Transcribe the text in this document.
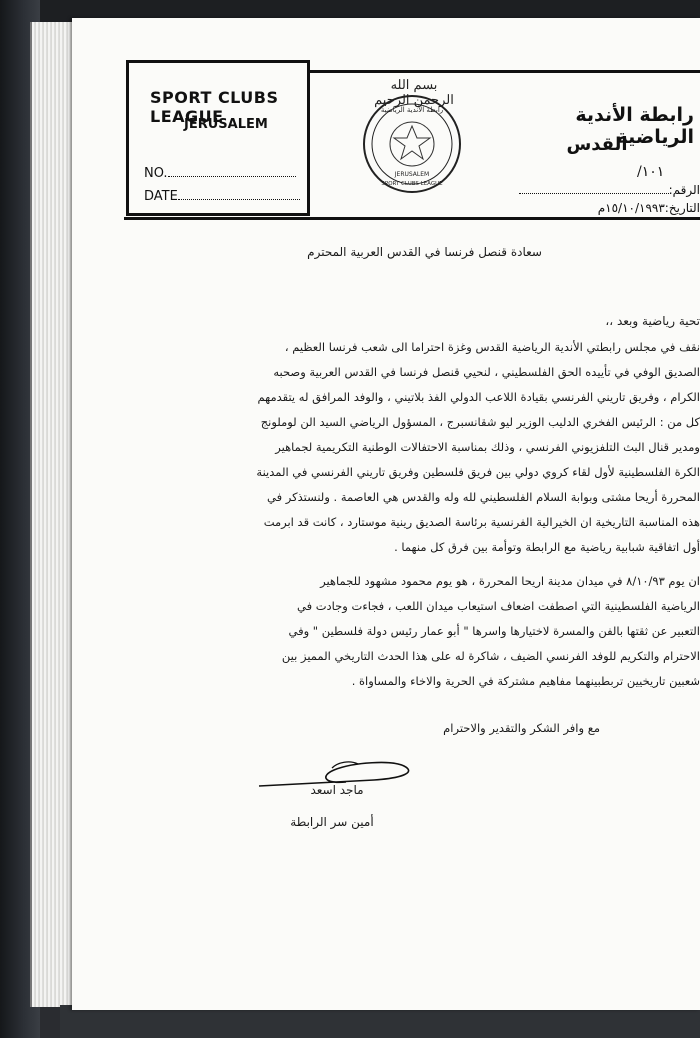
SPORT CLUBS LEAGUE
JERUSALEM
NO.
DATE
بسم الله الرحمن الرحيم
رابطة الأندية الرياضية
JERUSALEM
SPORT CLUBS LEAGUE
رابطة الأندية الرياضية
القدس
١٠١/
الرقم:
التاريخ:١٥/١٠/١٩٩٣م
سعادة قنصل فرنسا في القدس العربية المحترم
تحية رياضية وبعد ،،
نقف في مجلس رابطتي الأندية الرياضية القدس وغزة احتراما الى شعب فرنسا العظيم ،
الصديق الوفي في تأييده الحق الفلسطيني ، لنحيي قنصل فرنسا في القدس العربية وصحبه
الكرام ، وفريق تاريني الفرنسي بقيادة اللاعب الدولي الفذ بلاتيني ، والوفد المرافق له يتقدمهم
كل من : الرئيس الفخري الدليب الوزير ليو شقانسبرج ، المسؤول الرياضي السيد الن لوملونج
ومدير قنال البث التلفزيوني الفرنسي ، وذلك بمناسبة الاحتفالات الوطنية التكريمية لجماهير
الكرة الفلسطينية لأول لقاء كروي دولي بين فريق فلسطين وفريق تاريني الفرنسي في المدينة
المحررة أريحا مشتى وبوابة السلام الفلسطيني لله وله والقدس هي العاصمة . ولنستذكر في
هذه المناسبة التاريخية ان الخيرالية الفرنسية برئاسة الصديق رينية موستارد ، كانت قد ابرمت
أول اتفاقية شبابية رياضية مع الرابطة وتوأمة بين فرق كل منهما .
ان يوم ٨/١٠/٩٣ في ميدان مدينة اريحا المحررة ، هو يوم محمود مشهود للجماهير
الرياضية الفلسطينية التي اصطفت اضعاف استيعاب ميدان اللعب ، فجاءت وجادت في
التعبير عن ثقتها بالفن والمسرة لاختيارها واسرها " أبو عمار رئيس دولة فلسطين " وفي
الاحترام والتكريم للوفد الفرنسي الضيف ، شاكرة له على هذا الحدث التاريخي المميز بين
شعبين تاريخيين تربطبينهما مفاهيم مشتركة في الحرية والاخاء والمساواة .
مع وافر الشكر والتقدير والاحترام
ماجد اسعد
أمين سر الرابطة
